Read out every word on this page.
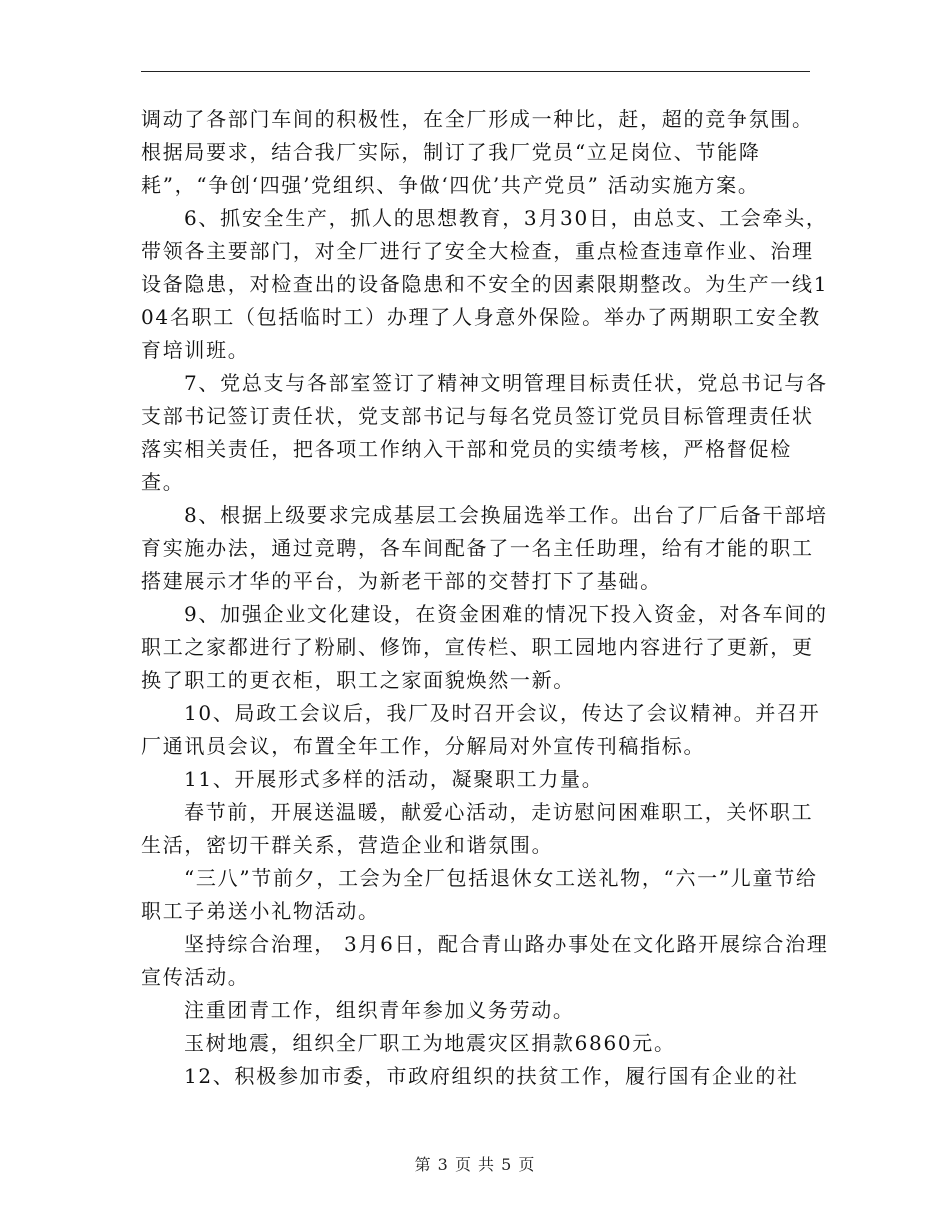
调动了各部门车间的积极性，在全厂形成一种比，赶，超的竞争氛围。根据局要求，结合我厂实际，制订了我厂党员“立足岗位、节能降耗”，“争创‘四强’党组织、争做‘四优’共产党员” 活动实施方案。

6、抓安全生产，抓人的思想教育，3月30日，由总支、工会牵头，带领各主要部门，对全厂进行了安全大检查，重点检查违章作业、治理设备隐患，对检查出的设备隐患和不安全的因素限期整改。为生产一线104名职工（包括临时工）办理了人身意外保险。举办了两期职工安全教育培训班。

7、党总支与各部室签订了精神文明管理目标责任状，党总书记与各支部书记签订责任状，党支部书记与每名党员签订党员目标管理责任状落实相关责任，把各项工作纳入干部和党员的实绩考核，严格督促检查。

8、根据上级要求完成基层工会换届选举工作。出台了厂后备干部培育实施办法，通过竞聘，各车间配备了一名主任助理，给有才能的职工搭建展示才华的平台，为新老干部的交替打下了基础。

9、加强企业文化建设，在资金困难的情况下投入资金，对各车间的职工之家都进行了粉刷、修饰，宣传栏、职工园地内容进行了更新，更换了职工的更衣柜，职工之家面貌焕然一新。

10、局政工会议后，我厂及时召开会议，传达了会议精神。并召开厂通讯员会议，布置全年工作，分解局对外宣传刊稿指标。

11、开展形式多样的活动，凝聚职工力量。

春节前，开展送温暖，献爱心活动，走访慰问困难职工，关怀职工生活，密切干群关系，营造企业和谐氛围。

“三八”节前夕，工会为全厂包括退休女工送礼物，“六一”儿童节给职工子弟送小礼物活动。

坚持综合治理， 3月6日，配合青山路办事处在文化路开展综合治理宣传活动。

注重团青工作，组织青年参加义务劳动。

玉树地震，组织全厂职工为地震灾区捐款6860元。

12、积极参加市委，市政府组织的扶贫工作，履行国有企业的社

第 3 页 共 5 页
